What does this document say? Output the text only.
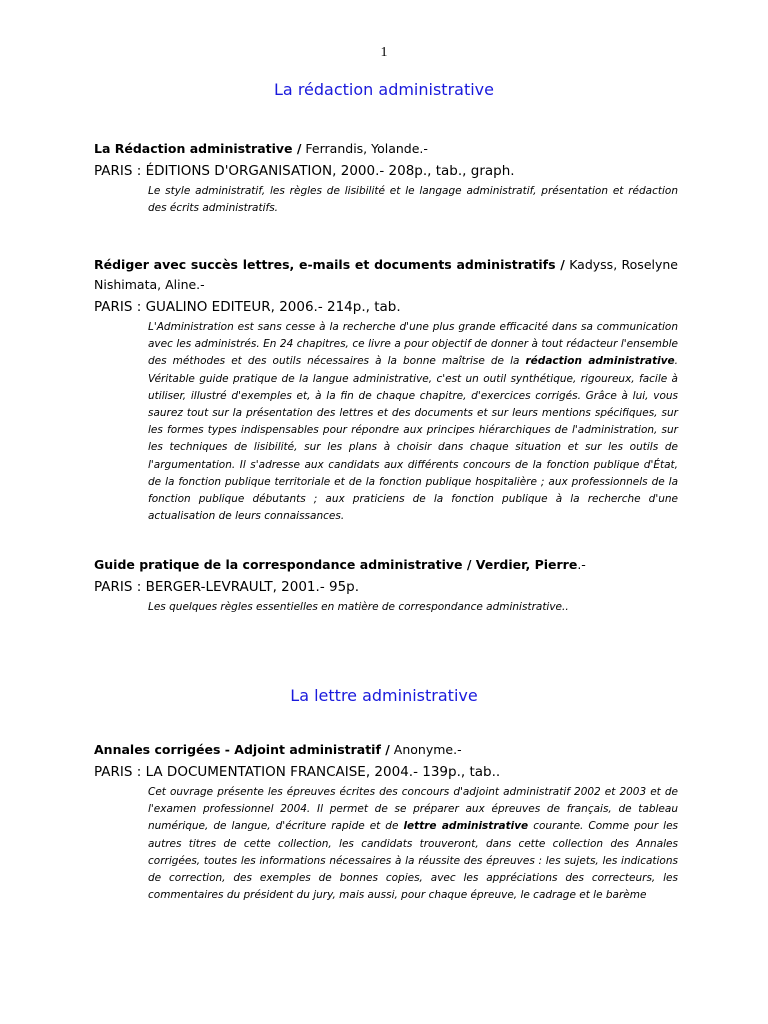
1
La rédaction administrative
La Rédaction administrative / Ferrandis, Yolande.-
PARIS : ÉDITIONS D'ORGANISATION, 2000.- 208p., tab., graph.
Le style administratif, les règles de lisibilité et le langage administratif, présentation et rédaction des écrits administratifs.
Rédiger avec succès lettres, e-mails et documents administratifs / Kadyss, Roselyne Nishimata, Aline.-
PARIS : GUALINO EDITEUR, 2006.- 214p., tab.
L'Administration est sans cesse à la recherche d'une plus grande efficacité dans sa communication avec les administrés. En 24 chapitres, ce livre a pour objectif de donner à tout rédacteur l'ensemble des méthodes et des outils nécessaires à la bonne maîtrise de la rédaction administrative. Véritable guide pratique de la langue administrative, c'est un outil synthétique, rigoureux, facile à utiliser, illustré d'exemples et, à la fin de chaque chapitre, d'exercices corrigés. Grâce à lui, vous saurez tout sur la présentation des lettres et des documents et sur leurs mentions spécifiques, sur les formes types indispensables pour répondre aux principes hiérarchiques de l'administration, sur les techniques de lisibilité, sur les plans à choisir dans chaque situation et sur les outils de l'argumentation. Il s'adresse aux candidats aux différents concours de la fonction publique d'État, de la fonction publique territoriale et de la fonction publique hospitalière ; aux professionnels de la fonction publique débutants ; aux praticiens de la fonction publique à la recherche d'une actualisation de leurs connaissances.
Guide pratique de la correspondance administrative / Verdier, Pierre.-
PARIS : BERGER-LEVRAULT, 2001.- 95p.
Les quelques règles essentielles en matière de correspondance administrative..
La lettre administrative
Annales corrigées - Adjoint administratif / Anonyme.-
PARIS : LA DOCUMENTATION FRANCAISE, 2004.- 139p., tab..
Cet ouvrage présente les épreuves écrites des concours d'adjoint administratif 2002 et 2003 et de l'examen professionnel 2004. Il permet de se préparer aux épreuves de français, de tableau numérique, de langue, d'écriture rapide et de lettre administrative courante. Comme pour les autres titres de cette collection, les candidats trouveront, dans cette collection des Annales corrigées, toutes les informations nécessaires à la réussite des épreuves : les sujets, les indications de correction, des exemples de bonnes copies, avec les appréciations des correcteurs, les commentaires du président du jury, mais aussi, pour chaque épreuve, le cadrage et le barème
